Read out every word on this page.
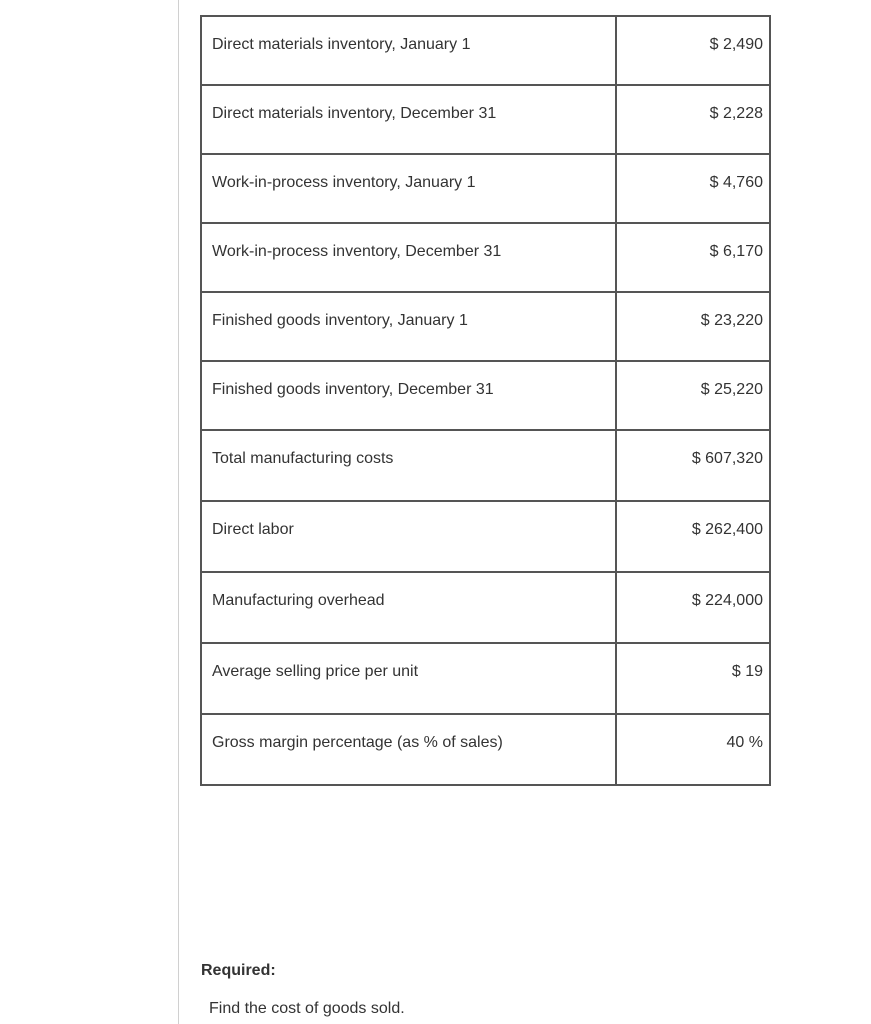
Direct materials inventory, January 1	$ 2,490
Direct materials inventory, December 31	$ 2,228
Work-in-process inventory, January 1	$ 4,760
Work-in-process inventory, December 31	$ 6,170
Finished goods inventory, January 1	$ 23,220
Finished goods inventory, December 31	$ 25,220
Total manufacturing costs	$ 607,320
Direct labor	$ 262,400
Manufacturing overhead	$ 224,000
Average selling price per unit	$ 19
Gross margin percentage (as % of sales)	40 %
Required:
Find the cost of goods sold.
